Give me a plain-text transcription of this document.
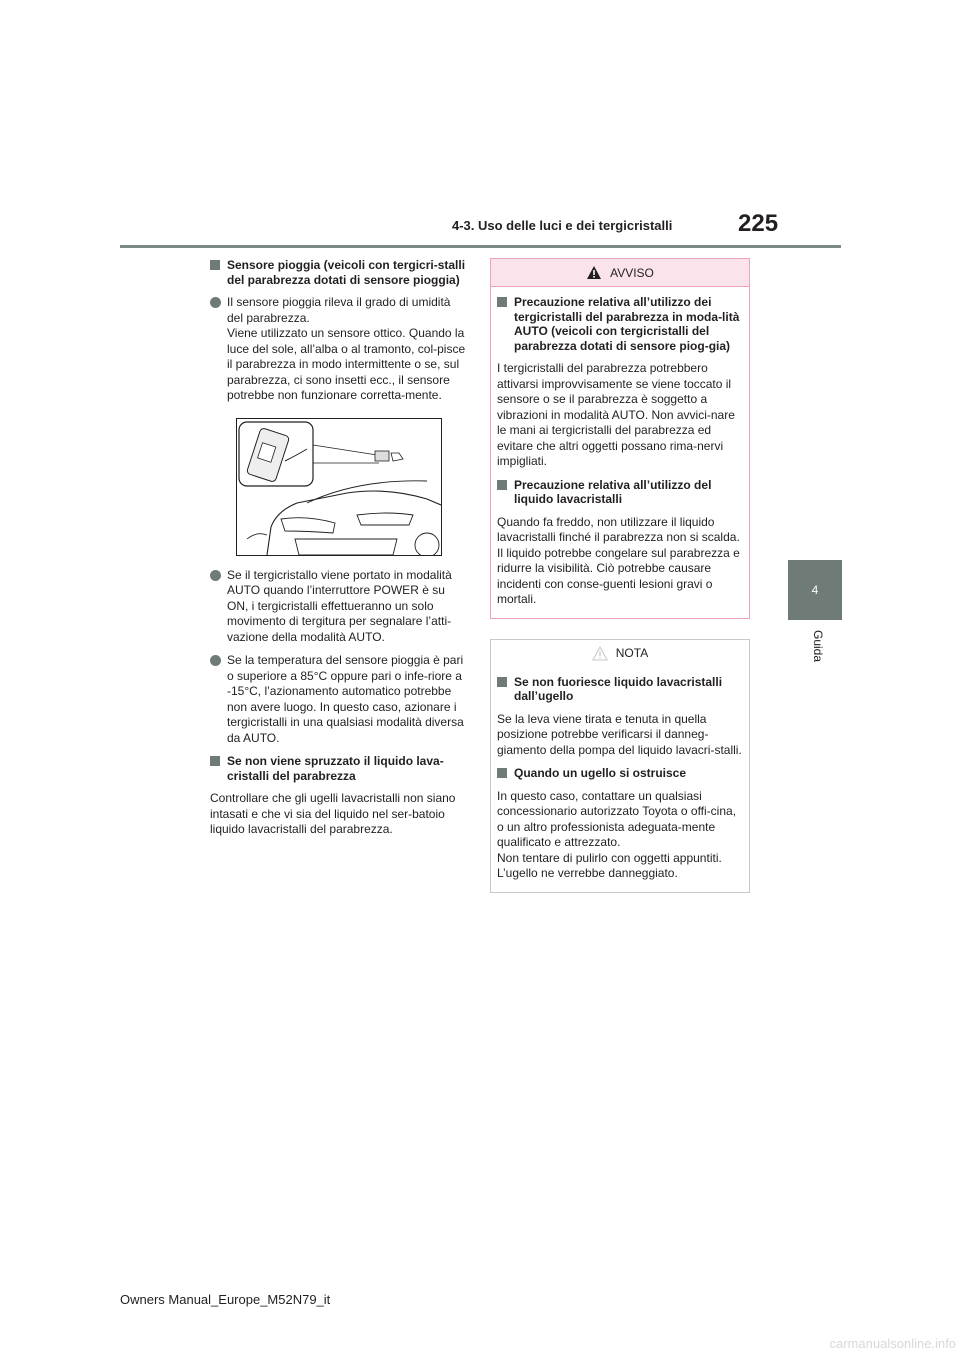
4-3. Uso delle luci e dei tergicristalli	225
4
Guida
Sensore pioggia (veicoli con tergicri-stalli del parabrezza dotati di sensore pioggia)
Il sensore pioggia rileva il grado di umidità del parabrezza.
Viene utilizzato un sensore ottico. Quando la luce del sole, all’alba o al tramonto, col-pisce il parabrezza in modo intermittente o se, sul parabrezza, ci sono insetti ecc., il sensore potrebbe non funzionare corretta-mente.
Se il tergicristallo viene portato in modalità AUTO quando l’interruttore POWER è su ON, i tergicristalli effettueranno un solo movimento di tergitura per segnalare l’atti-vazione della modalità AUTO.
Se la temperatura del sensore pioggia è pari o superiore a 85°C oppure pari o infe-riore a -15°C, l’azionamento automatico potrebbe non avere luogo. In questo caso, azionare i tergicristalli in una qualsiasi modalità diversa da AUTO.
Se non viene spruzzato il liquido lava-cristalli del parabrezza
Controllare che gli ugelli lavacristalli non siano intasati e che vi sia del liquido nel ser-batoio liquido lavacristalli del parabrezza.
AVVISO
Precauzione relativa all’utilizzo dei tergicristalli del parabrezza in moda-lità AUTO (veicoli con tergicristalli del parabrezza dotati di sensore piog-gia)
I tergicristalli del parabrezza potrebbero attivarsi improvvisamente se viene toccato il sensore o se il parabrezza è soggetto a vibrazioni in modalità AUTO. Non avvici-nare le mani ai tergicristalli del parabrezza ed evitare che altri oggetti possano rima-nervi impigliati.
Precauzione relativa all’utilizzo del liquido lavacristalli
Quando fa freddo, non utilizzare il liquido lavacristalli finché il parabrezza non si scalda. Il liquido potrebbe congelare sul parabrezza e ridurre la visibilità. Ciò potrebbe causare incidenti con conse-guenti lesioni gravi o mortali.
NOTA
Se non fuoriesce liquido lavacristalli dall’ugello
Se la leva viene tirata e tenuta in quella posizione potrebbe verificarsi il danneg-giamento della pompa del liquido lavacri-stalli.
Quando un ugello si ostruisce
In questo caso, contattare un qualsiasi concessionario autorizzato Toyota o offi-cina, o un altro professionista adeguata-mente qualificato e attrezzato.
Non tentare di pulirlo con oggetti appuntiti. L’ugello ne verrebbe danneggiato.
Owners Manual_Europe_M52N79_it
carmanualsonline.info
